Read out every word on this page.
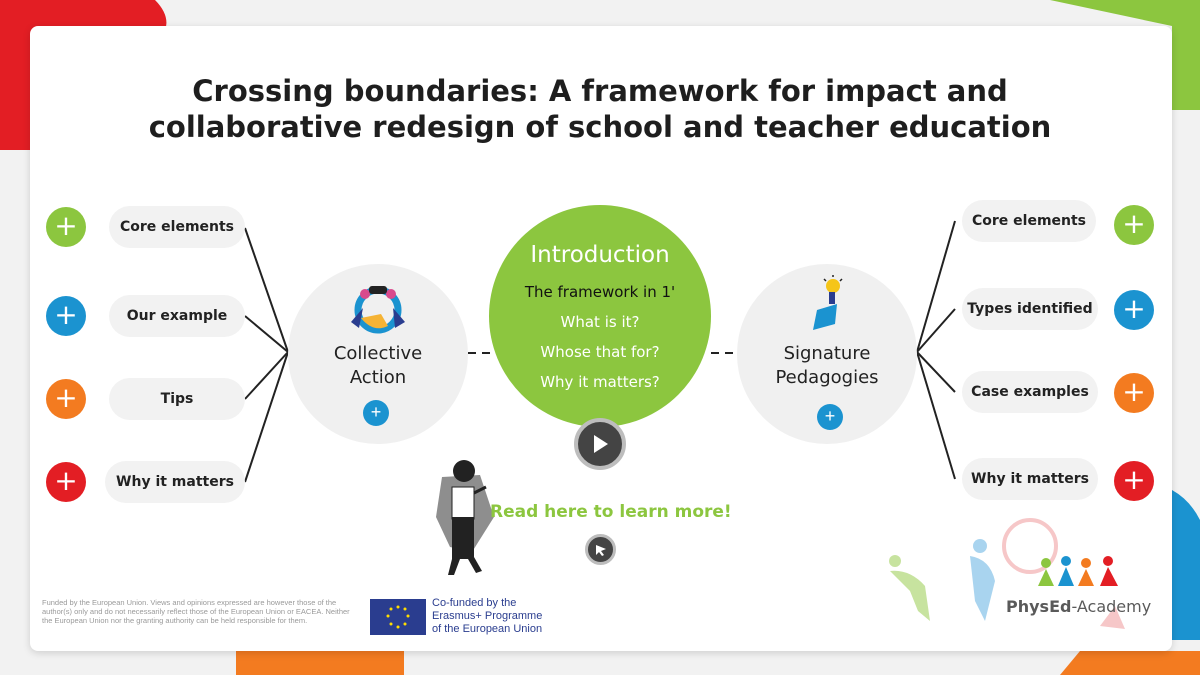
Crossing boundaries: A framework for impact and
collaborative redesign of school and teacher education
+	Core elements
+	Our example
+	Tips
+	Why it matters
Core elements	+
Types identified +
Case examples	+
Why it matters	+
Collective
Action
+
Signature
Pedagogies
+
Introduction
The framework in 1'
What is it?
Whose that for?
Why it matters?
Read here to learn more!
Funded by the European Union. Views and opinions expressed are however those of the author(s) only and do not necessarily reflect those of the European Union or EACEA. Neither the European Union nor the granting authority can be held responsible for them.
Co-funded by the
Erasmus+ Programme
of the European Union
PhysEd-Academy
